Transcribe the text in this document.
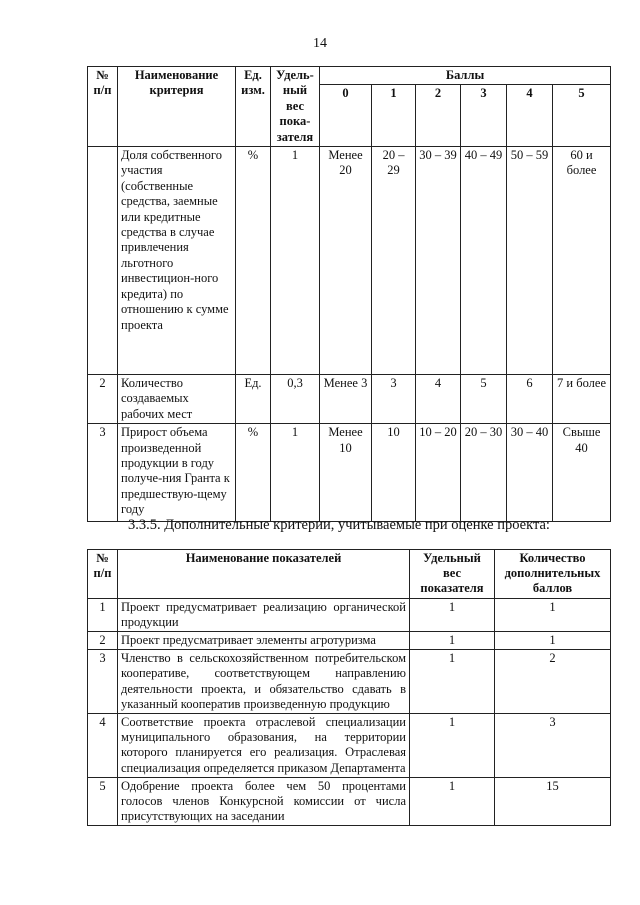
14
№ п/п	Наименование критерия	Ед. изм.	Удель-ный вес пока-зателя	Баллы					
				0	1	2	3	4	5
	Доля собственного участия (собственные средства, заемные или кредитные средства в случае привлечения льготного инвестицион-ного кредита) по отношению к сумме проекта	%	1	Менее 20	20 – 29	30 – 39	40 – 49	50 – 59	60 и более
2	Количество создаваемых рабочих мест	Ед.	0,3	Менее 3	3	4	5	6	7 и более
3	Прирост объема произведенной продукции в году получе-ния Гранта к предшествую-щему году	%	1	Менее 10	10	10 – 20	20 – 30	30 – 40	Свыше 40
3.3.5. Дополнительные критерии, учитываемые при оценке проекта:
№ п/п	Наименование показателей	Удельный вес показателя	Количество дополнительных баллов
1	Проект предусматривает реализацию органической продукции	1	1
2	Проект предусматривает элементы агротуризма	1	1
3	Членство в сельскохозяйственном потребительском кооперативе, соответствующем направлению деятельности проекта, и обязательство сдавать в указанный кооператив произведенную продукцию	1	2
4	Соответствие проекта отраслевой специализации муниципального образования, на территории которого планируется его реализация. Отраслевая специализация определяется приказом Департамента	1	3
5	Одобрение проекта более чем 50 процентами голосов членов Конкурсной комиссии от числа присутствующих на заседании	1	15
